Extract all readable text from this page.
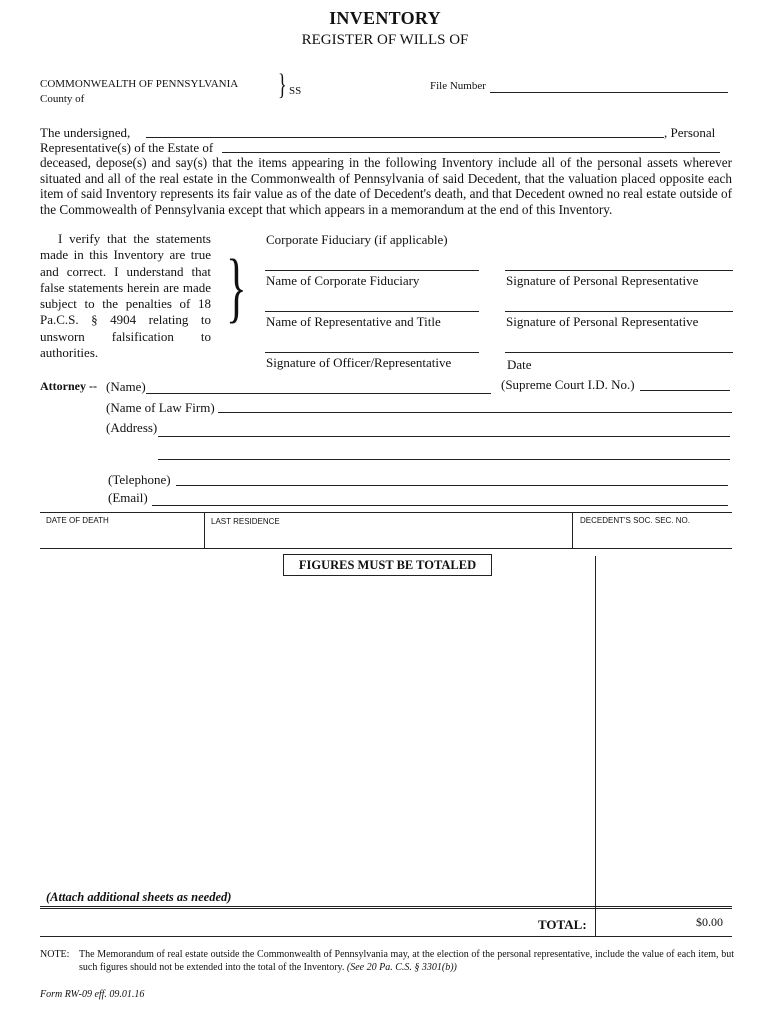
INVENTORY
REGISTER OF WILLS OF
COMMONWEALTH OF PENNSYLVANIA
County of	} SS	File Number
The undersigned,	, Personal
Representative(s) of the Estate of
deceased, depose(s) and say(s) that the items appearing in the following Inventory include all of the personal assets wherever situated and all of the real estate in the Commonwealth of Pennsylvania of said Decedent, that the valuation placed opposite each item of said Inventory represents its fair value as of the date of Decedent's death, and that Decedent owned no real estate outside of the Commowealth of Pennsylvania except that which appears in a memorandum at the end of this Inventory.
I verify that the statements made in this Inventory are true and correct. I understand that false statements herein are made subject to the penalties of 18 Pa.C.S. § 4904 relating to unsworn falsification to authorities.
}
Corporate Fiduciary (if applicable)
Name of Corporate Fiduciary	Signature of Personal Representative
Name of Representative and Title	Signature of Personal Representative
Signature of Officer/Representative	Date
Attorney -- (Name)	(Supreme Court I.D. No.)
(Name of Law Firm)
(Address)
(Telephone)
(Email)
DATE OF DEATH	LAST RESIDENCE	DECEDENT'S SOC. SEC. NO.
FIGURES MUST BE TOTALED
(Attach additional sheets as needed)
TOTAL:	$0.00
NOTE: The Memorandum of real estate outside the Commonwealth of Pennsylvania may, at the election of the personal representative, include the value of each item, but such figures should not be extended into the total of the Inventory. (See 20 Pa. C.S. § 3301(b))
Form RW-09 eff. 09.01.16
